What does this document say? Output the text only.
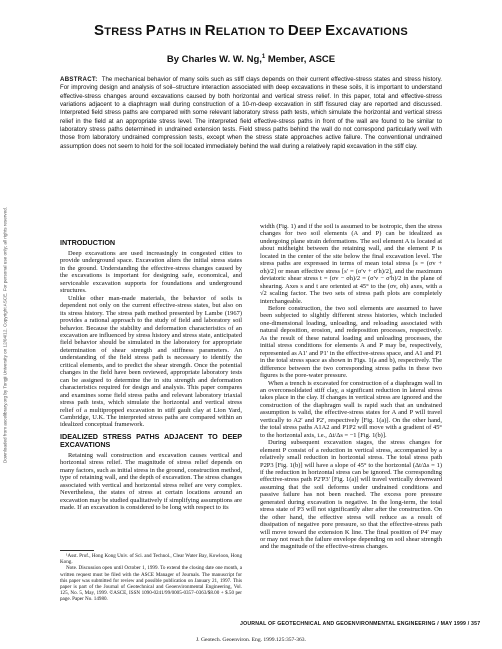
Downloaded from ascelibrary.org by Tongji University on 12/04/12. Copyright ASCE. For personal use only; all rights reserved.
STRESS PATHS IN RELATION TO DEEP EXCAVATIONS
By Charles W. W. Ng,$^1$ Member, ASCE

ABSTRACT: The mechanical behavior of many soils such as stiff clays depends on their current effective-stress states and stress history. For improving design and analysis of soil–structure interaction associated with deep excavations in these soils, it is important to understand effective-stress changes around excavations caused by both horizontal and vertical stress relief. In this paper, total and effective-stress variations adjacent to a diaphragm wall during construction of a 10-m-deep excavation in stiff fissured clay are reported and discussed. Interpreted field stress paths are compared with some relevant laboratory stress path tests, which simulate the horizontal and vertical stress relief in the field at an appropriate stress level. The interpreted field effective-stress paths in front of the wall are found to be similar to laboratory stress paths determined in undrained extension tests. Field stress paths behind the wall do not correspond particularly well with those from laboratory undrained compression tests, except when the stress state approaches active failure. The conventional undrained assumption does not seem to hold for the soil located immediately behind the wall during a relatively rapid excavation in the stiff clay.

INTRODUCTION

Deep excavations are used increasingly in congested cities to provide underground space. Excavation alters the initial stress states in the ground. Understanding the effective-stress changes caused by the excavations is important for designing safe, economical, and serviceable excavation supports for foundations and underground structures.

Unlike other man-made materials, the behavior of soils is dependent not only on the current effective-stress states, but also on its stress history. The stress path method presented by Lambe (1967) provides a rational approach to the study of field and laboratory soil behavior. Because the stability and deformation characteristics of an excavation are influenced by stress history and stress state, anticipated field behavior should be simulated in the laboratory for appropriate determination of shear strength and stiffness parameters. An understanding of the field stress path is necessary to identify the critical elements, and to predict the shear strength. Once the potential changes in the field have been reviewed, appropriate laboratory tests can be assigned to determine the in situ strength and deformation characteristics required for design and analysis. This paper compares and examines some field stress paths and relevant laboratory triaxial stress path tests, which simulate the horizontal and vertical stress relief of a multipropped excavation in stiff gault clay at Lion Yard, Cambridge, U.K. The interpreted stress paths are compared within an idealized conceptual framework.

IDEALIZED STRESS PATHS ADJACENT TO DEEP EXCAVATIONS

Retaining wall construction and excavation causes vertical and horizontal stress relief. The magnitude of stress relief depends on many factors, such as initial stress in the ground, construction method, type of retaining wall, and the depth of excavation. The stress changes associated with vertical and horizontal stress relief are very complex. Nevertheless, the states of stress at certain locations around an excavation may be studied qualitatively if simplifying assumptions are made. If an excavation is considered to be long with respect to its

¹Asst. Prof., Hong Kong Univ. of Sci. and Technol., Clear Water Bay, Kowloon, Hong Kong.

Note. Discussion open until October 1, 1999. To extend the closing date one month, a written request must be filed with the ASCE Manager of Journals. The manuscript for this paper was submitted for review and possible publication on January 21, 1997. This paper is part of the Journal of Geotechnical and Geoenvironmental Engineering, Vol. 125, No. 5, May, 1999. ©ASCE, ISSN 1090-0241/99/0005-0357–0363/$8.00 + $.50 per page. Paper No. 14980.

width (Fig. 1) and if the soil is assumed to be isotropic, then the stress changes for two soil elements (A and P) can be idealized as undergoing plane strain deformations. The soil element A is located at about midheight between the retaining wall, and the element P is located in the center of the site below the final excavation level. The stress paths are expressed in terms of mean total stress [s = (σv + σh)/2] or mean effective stress [s′ = (σ′v + σ′h)/2], and the maximum deviatoric shear stress t = (σv − σh)/2 = (σ′v − σ′h)/2 in the plane of shearing. Axes s and t are oriented at 45° to the (σv, σh) axes, with a √2 scaling factor. The two sets of stress path plots are completely interchangeable.

Before construction, the two soil elements are assumed to have been subjected to slightly different stress histories, which included one-dimensional loading, unloading, and reloading associated with natural deposition, erosion, and redeposition processes, respectively. As the result of these natural loading and unloading processes, the initial stress conditions for elements A and P may be, respectively, represented as A1′ and P1′ in the effective-stress space, and A1 and P1 in the total stress space as shown in Figs. 1(a and b), respectively. The difference between the two corresponding stress paths in these two figures is the pore-water pressure.

When a trench is excavated for construction of a diaphragm wall in an overconsolidated stiff clay, a significant reduction in lateral stress takes place in the clay. If changes in vertical stress are ignored and the construction of the diaphragm wall is rapid such that an undrained assumption is valid, the effective-stress states for A and P will travel vertically to A2′ and P2′, respectively [Fig. 1(a)]. On the other hand, the total stress paths A1A2 and P1P2 will move with a gradient of 45° to the horizontal axis, i.e., Δt/Δs = −1 [Fig. 1(b)].

During subsequent excavation stages, the stress changes for element P consist of a reduction in vertical stress, accompanied by a relatively small reduction in horizontal stress. The total stress path P2P3 [Fig. 1(b)] will have a slope of 45° to the horizontal (Δt/Δs = 1) if the reduction in horizontal stress can be ignored. The corresponding effective-stress path P2′P3′ [Fig. 1(a)] will travel vertically downward assuming that the soil deforms under undrained conditions and passive failure has not been reached. The excess pore pressure generated during excavation is negative. In the long-term, the total stress state of P3 will not significantly alter after the construction. On the other hand, the effective stress will reduce as a result of dissipation of negative pore pressure, so that the effective-stress path will move toward the extension K line. The final position of P4′ may or may not reach the failure envelope depending on soil shear strength and the magnitude of the effective-stress changes.

JOURNAL OF GEOTECHNICAL AND GEOENVIRONMENTAL ENGINEERING / MAY 1999 / 357
J. Geotech. Geoenviron. Eng. 1999.125:357-363.
